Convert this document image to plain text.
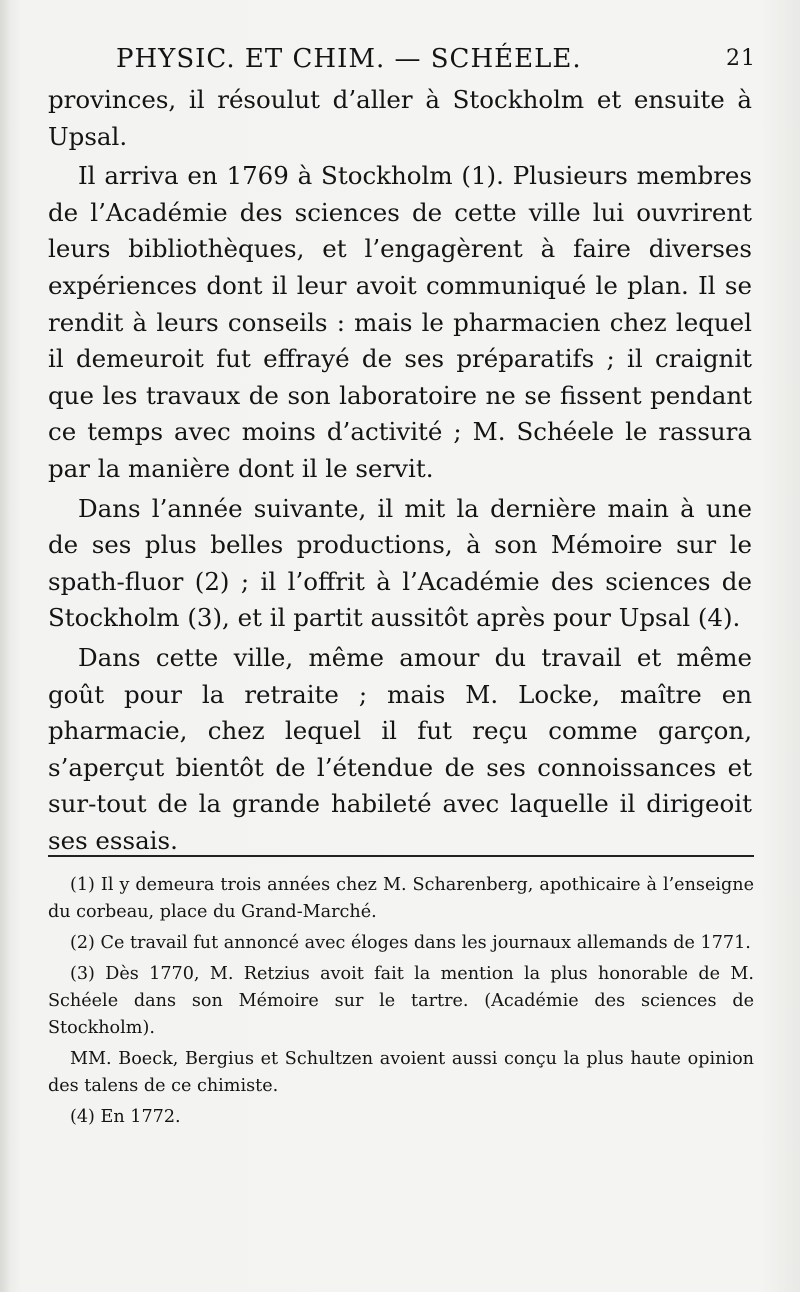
PHYSIC. ET CHIM. — SCHÉELE.	21

provinces, il résoulut d’aller à Stockholm et ensuite à Upsal.

Il arriva en 1769 à Stockholm (1). Plusieurs membres de l’Académie des sciences de cette ville lui ouvrirent leurs bibliothèques, et l’engagèrent à faire diverses expériences dont il leur avoit communiqué le plan. Il se rendit à leurs conseils : mais le pharmacien chez lequel il demeuroit fut effrayé de ses préparatifs ; il craignit que les travaux de son laboratoire ne se fissent pendant ce temps avec moins d’activité ; M. Schéele le rassura par la manière dont il le servit.

Dans l’année suivante, il mit la dernière main à une de ses plus belles productions, à son Mémoire sur le spath-fluor (2) ; il l’offrit à l’Académie des sciences de Stockholm (3), et il partit aussitôt après pour Upsal (4).

Dans cette ville, même amour du travail et même goût pour la retraite ; mais M. Locke, maître en pharmacie, chez lequel il fut reçu comme garçon, s’aperçut bientôt de l’étendue de ses connoissances et sur-tout de la grande habileté avec laquelle il dirigeoit ses essais.

(1) Il y demeura trois années chez M. Scharenberg, apothicaire à l’enseigne du corbeau, place du Grand-Marché.

(2) Ce travail fut annoncé avec éloges dans les journaux allemands de 1771.

(3) Dès 1770, M. Retzius avoit fait la mention la plus honorable de M. Schéele dans son Mémoire sur le tartre. (Académie des sciences de Stockholm).

MM. Boeck, Bergius et Schultzen avoient aussi conçu la plus haute opinion des talens de ce chimiste.

(4) En 1772.
